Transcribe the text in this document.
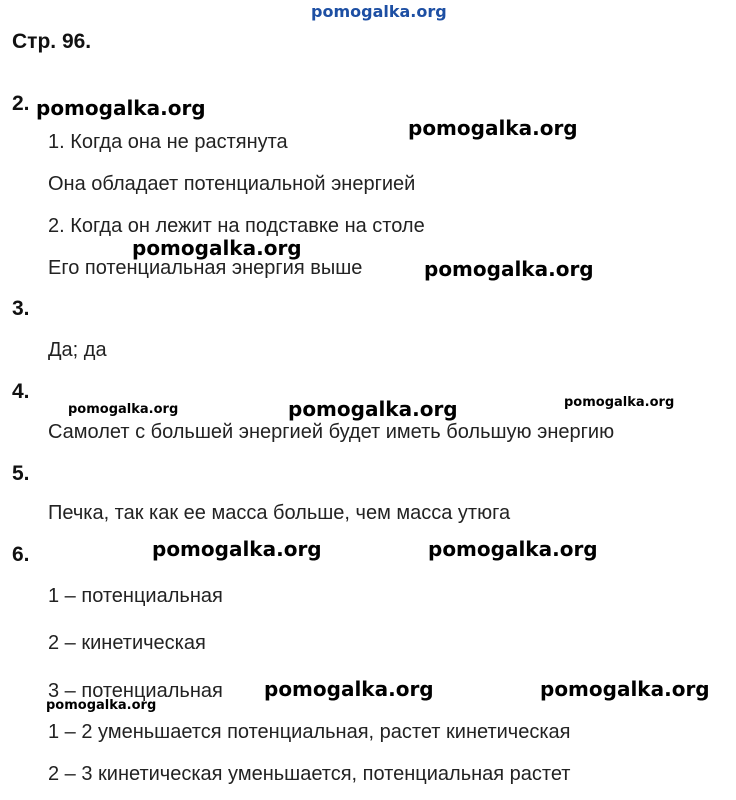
pomogalka.org
Стр. 96.
2.
1. Когда она не растянута
Она обладает потенциальной энергией
2. Когда он лежит на подставке на столе
Его потенциальная энергия выше
3.
Да; да
4.
Самолет с большей энергией будет иметь большую энергию
5.
Печка, так как ее масса больше, чем масса утюга
6.
1 – потенциальная
2 – кинетическая
3 – потенциальная
1 – 2 уменьшается потенциальная, растет кинетическая
2 – 3 кинетическая уменьшается, потенциальная растет
pomogalka.org
pomogalka.org
pomogalka.org
pomogalka.org
pomogalka.org	pomogalka.org	pomogalka.org
pomogalka.org	pomogalka.org
pomogalka.org	pomogalka.org
pomogalka.org
